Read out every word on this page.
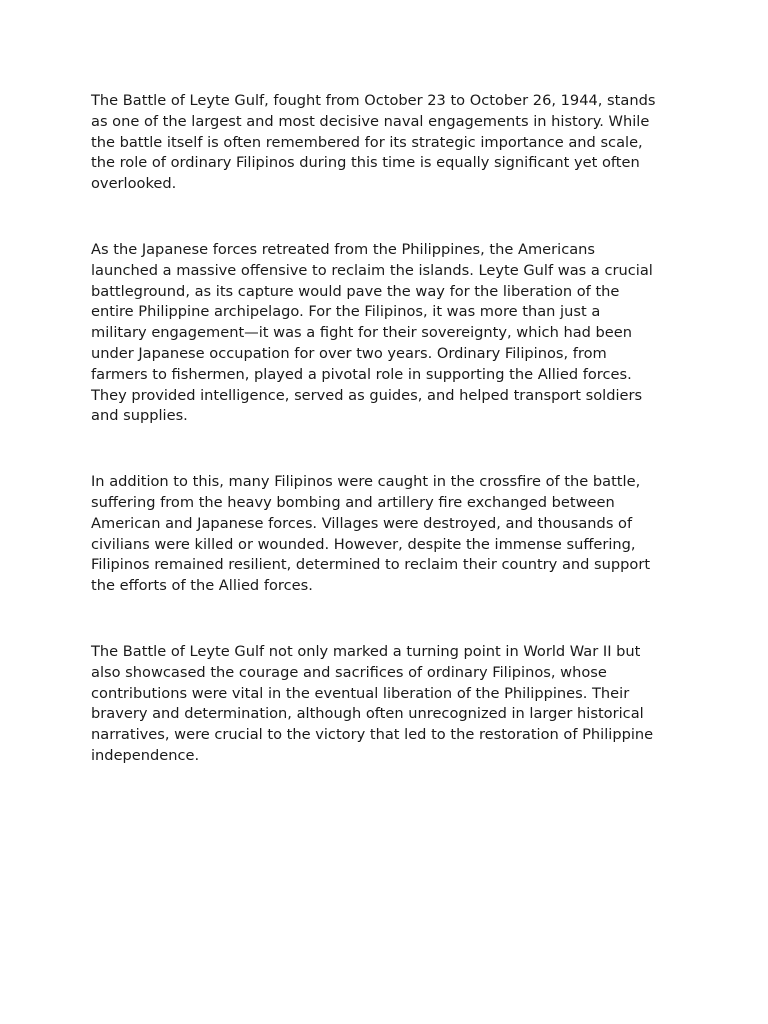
The Battle of Leyte Gulf, fought from October 23 to October 26, 1944, stands
as one of the largest and most decisive naval engagements in history. While
the battle itself is often remembered for its strategic importance and scale,
the role of ordinary Filipinos during this time is equally significant yet often
overlooked.

As the Japanese forces retreated from the Philippines, the Americans
launched a massive offensive to reclaim the islands. Leyte Gulf was a crucial
battleground, as its capture would pave the way for the liberation of the
entire Philippine archipelago. For the Filipinos, it was more than just a
military engagement—it was a fight for their sovereignty, which had been
under Japanese occupation for over two years. Ordinary Filipinos, from
farmers to fishermen, played a pivotal role in supporting the Allied forces.
They provided intelligence, served as guides, and helped transport soldiers
and supplies.

In addition to this, many Filipinos were caught in the crossfire of the battle,
suffering from the heavy bombing and artillery fire exchanged between
American and Japanese forces. Villages were destroyed, and thousands of
civilians were killed or wounded. However, despite the immense suffering,
Filipinos remained resilient, determined to reclaim their country and support
the efforts of the Allied forces.

The Battle of Leyte Gulf not only marked a turning point in World War II but
also showcased the courage and sacrifices of ordinary Filipinos, whose
contributions were vital in the eventual liberation of the Philippines. Their
bravery and determination, although often unrecognized in larger historical
narratives, were crucial to the victory that led to the restoration of Philippine
independence.
